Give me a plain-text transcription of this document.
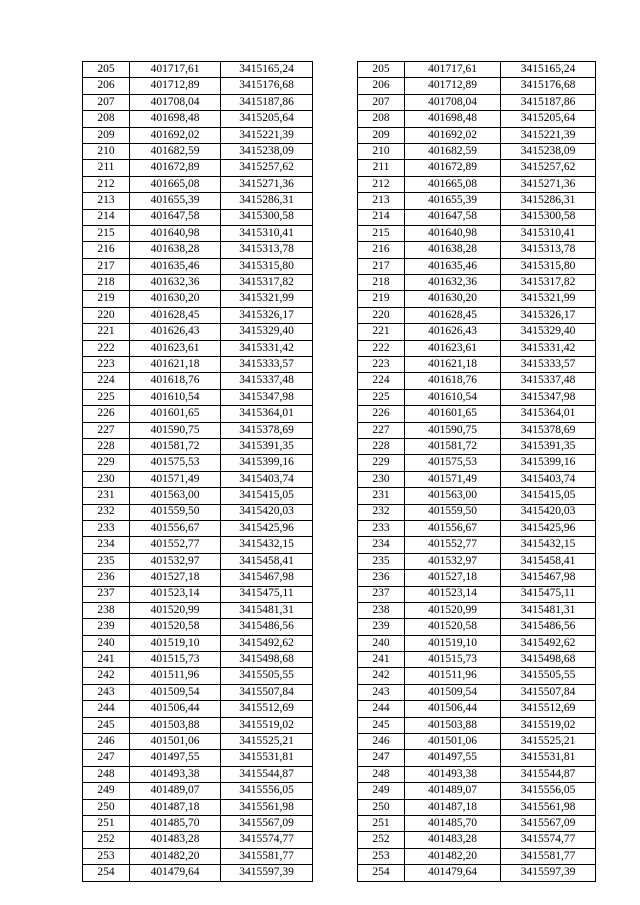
205	401717,61	3415165,24		205	401717,61	3415165,24
206	401712,89	3415176,68		206	401712,89	3415176,68
207	401708,04	3415187,86		207	401708,04	3415187,86
208	401698,48	3415205,64		208	401698,48	3415205,64
209	401692,02	3415221,39		209	401692,02	3415221,39
210	401682,59	3415238,09		210	401682,59	3415238,09
211	401672,89	3415257,62		211	401672,89	3415257,62
212	401665,08	3415271,36		212	401665,08	3415271,36
213	401655,39	3415286,31		213	401655,39	3415286,31
214	401647,58	3415300,58		214	401647,58	3415300,58
215	401640,98	3415310,41		215	401640,98	3415310,41
216	401638,28	3415313,78		216	401638,28	3415313,78
217	401635,46	3415315,80		217	401635,46	3415315,80
218	401632,36	3415317,82		218	401632,36	3415317,82
219	401630,20	3415321,99		219	401630,20	3415321,99
220	401628,45	3415326,17		220	401628,45	3415326,17
221	401626,43	3415329,40		221	401626,43	3415329,40
222	401623,61	3415331,42		222	401623,61	3415331,42
223	401621,18	3415333,57		223	401621,18	3415333,57
224	401618,76	3415337,48		224	401618,76	3415337,48
225	401610,54	3415347,98		225	401610,54	3415347,98
226	401601,65	3415364,01		226	401601,65	3415364,01
227	401590,75	3415378,69		227	401590,75	3415378,69
228	401581,72	3415391,35		228	401581,72	3415391,35
229	401575,53	3415399,16		229	401575,53	3415399,16
230	401571,49	3415403,74		230	401571,49	3415403,74
231	401563,00	3415415,05		231	401563,00	3415415,05
232	401559,50	3415420,03		232	401559,50	3415420,03
233	401556,67	3415425,96		233	401556,67	3415425,96
234	401552,77	3415432,15		234	401552,77	3415432,15
235	401532,97	3415458,41		235	401532,97	3415458,41
236	401527,18	3415467,98		236	401527,18	3415467,98
237	401523,14	3415475,11		237	401523,14	3415475,11
238	401520,99	3415481,31		238	401520,99	3415481,31
239	401520,58	3415486,56		239	401520,58	3415486,56
240	401519,10	3415492,62		240	401519,10	3415492,62
241	401515,73	3415498,68		241	401515,73	3415498,68
242	401511,96	3415505,55		242	401511,96	3415505,55
243	401509,54	3415507,84		243	401509,54	3415507,84
244	401506,44	3415512,69		244	401506,44	3415512,69
245	401503,88	3415519,02		245	401503,88	3415519,02
246	401501,06	3415525,21		246	401501,06	3415525,21
247	401497,55	3415531,81		247	401497,55	3415531,81
248	401493,38	3415544,87		248	401493,38	3415544,87
249	401489,07	3415556,05		249	401489,07	3415556,05
250	401487,18	3415561,98		250	401487,18	3415561,98
251	401485,70	3415567,09		251	401485,70	3415567,09
252	401483,28	3415574,77		252	401483,28	3415574,77
253	401482,20	3415581,77		253	401482,20	3415581,77
254	401479,64	3415597,39		254	401479,64	3415597,39
